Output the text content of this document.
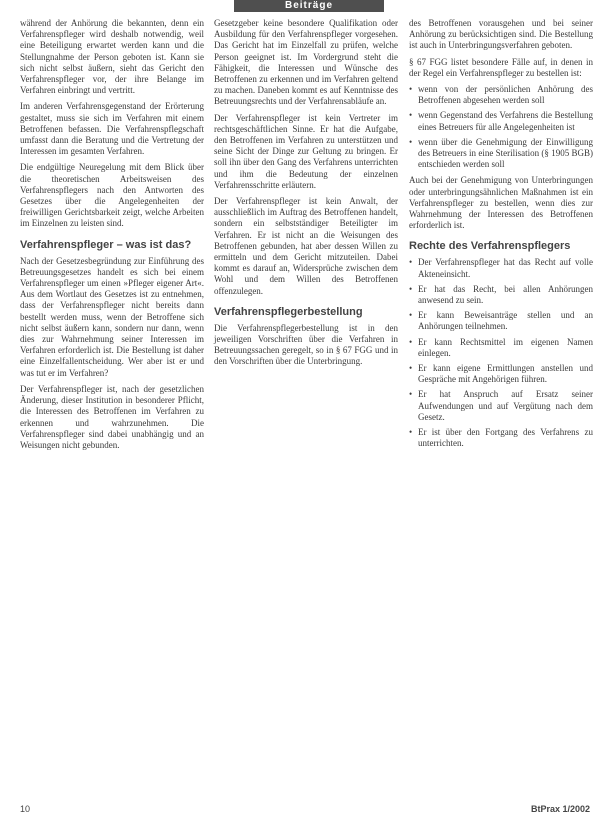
Beiträge

während der Anhörung die bekannten, denn ein Verfahrenspfleger wird deshalb notwendig, weil eine Beteiligung erwartet werden kann und die Stellungnahme der Person geboten ist. Kann sie sich nicht selbst äußern, sieht das Gericht den Verfahrenspfleger vor, der ihre Belange im Verfahren einbringt und vertritt.

Im anderen Verfahrensgegenstand der Erörterung gestaltet, muss sie sich im Verfahren mit einem Betroffenen befassen. Die Verfahrenspflegschaft umfasst dann die Beratung und die Vertretung der Interessen im gesamten Verfahren.

Die endgültige Neuregelung mit dem Blick über die theoretischen Arbeitsweisen des Verfahrenspflegers nach den Antworten des Gesetzes über die Angelegenheiten der freiwilligen Gerichtsbarkeit zeigt, welche Arbeiten im Einzelnen zu leisten sind.

Verfahrenspfleger – was ist das?

Nach der Gesetzesbegründung zur Einführung des Betreuungsgesetzes handelt es sich bei einem Verfahrenspfleger um einen »Pfleger eigener Art«. Aus dem Wortlaut des Gesetzes ist zu entnehmen, dass der Verfahrenspfleger nicht bereits dann bestellt werden muss, wenn der Betroffene sich nicht selbst äußern kann, sondern nur dann, wenn dies zur Wahrnehmung seiner Interessen im Verfahren erforderlich ist. Die Bestellung ist daher eine Einzelfallentscheidung. Wer aber ist er und was tut er im Verfahren?

Der Verfahrenspfleger ist, nach der gesetzlichen Änderung, dieser Institution in besonderer Pflicht, die Interessen des Betroffenen im Verfahren zu erkennen und wahrzunehmen. Die Verfahrenspfleger sind dabei unabhängig und an Weisungen nicht gebunden.

Gesetzgeber keine besondere Qualifikation oder Ausbildung für den Verfahrenspfleger vorgesehen. Das Gericht hat im Einzelfall zu prüfen, welche Person geeignet ist. Im Vordergrund steht die Fähigkeit, die Interessen und Wünsche des Betroffenen zu erkennen und im Verfahren geltend zu machen. Daneben kommt es auf Kenntnisse des Betreuungsrechts und der Verfahrensabläufe an.

Der Verfahrenspfleger ist kein Vertreter im rechtsgeschäftlichen Sinne. Er hat die Aufgabe, den Betroffenen im Verfahren zu unterstützen und seine Sicht der Dinge zur Geltung zu bringen. Er soll ihn über den Gang des Verfahrens unterrichten und ihm die Bedeutung der einzelnen Verfahrensschritte erläutern.

Der Verfahrenspfleger ist kein Anwalt, der ausschließlich im Auftrag des Betroffenen handelt, sondern ein selbstständiger Beteiligter im Verfahren. Er ist nicht an die Weisungen des Betroffenen gebunden, hat aber dessen Willen zu ermitteln und dem Gericht mitzuteilen. Dabei kommt es darauf an, Widersprüche zwischen dem Wohl und dem Willen des Betroffenen offenzulegen.

Verfahrenspflegerbestellung

Die Verfahrenspflegerbestellung ist in den jeweiligen Vorschriften über die Verfahren in Betreuungssachen geregelt, so in § 67 FGG und in den Vorschriften über die Unterbringung.

des Betroffenen vorausgehen und bei seiner Anhörung zu berücksichtigen sind. Die Bestellung ist auch in Unterbringungsverfahren geboten.

§ 67 FGG listet besondere Fälle auf, in denen in der Regel ein Verfahrenspfleger zu bestellen ist:

• wenn von der persönlichen Anhörung des Betroffenen abgesehen werden soll
• wenn Gegenstand des Verfahrens die Bestellung eines Betreuers für alle Angelegenheiten ist
• wenn über die Genehmigung der Einwilligung des Betreuers in eine Sterilisation (§ 1905 BGB) entschieden werden soll

Auch bei der Genehmigung von Unterbringungen oder unterbringungsähnlichen Maßnahmen ist ein Verfahrenspfleger zu bestellen, wenn dies zur Wahrnehmung der Interessen des Betroffenen erforderlich ist.

Rechte des Verfahrenspflegers
• Der Verfahrenspfleger hat das Recht auf volle Akteneinsicht.
• Er hat das Recht, bei allen Anhörungen anwesend zu sein.
• Er kann Beweisanträge stellen und an Anhörungen teilnehmen.
• Er kann Rechtsmittel im eigenen Namen einlegen.
• Er kann eigene Ermittlungen anstellen und Gespräche mit Angehörigen führen.
• Er hat Anspruch auf Ersatz seiner Aufwendungen und auf Vergütung nach dem Gesetz.
• Er ist über den Fortgang des Verfahrens zu unterrichten.
10	BtPrax 1/2002
